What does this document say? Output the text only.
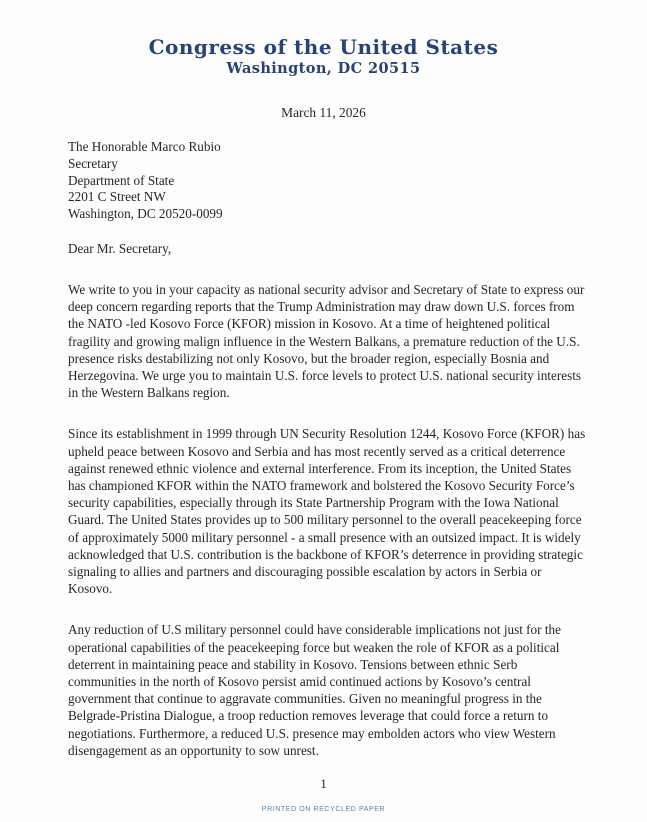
Congress of the United States
Washington, DC 20515
March 11, 2026
The Honorable Marco Rubio
Secretary
Department of State
2201 C Street NW
Washington, DC 20520-0099
Dear Mr. Secretary,

We write to you in your capacity as national security advisor and Secretary of State to express our deep concern regarding reports that the Trump Administration may draw down U.S. forces from the NATO -led Kosovo Force (KFOR) mission in Kosovo. At a time of heightened political fragility and growing malign influence in the Western Balkans, a premature reduction of the U.S. presence risks destabilizing not only Kosovo, but the broader region, especially Bosnia and Herzegovina. We urge you to maintain U.S. force levels to protect U.S. national security interests in the Western Balkans region.

Since its establishment in 1999 through UN Security Resolution 1244, Kosovo Force (KFOR) has upheld peace between Kosovo and Serbia and has most recently served as a critical deterrence against renewed ethnic violence and external interference. From its inception, the United States has championed KFOR within the NATO framework and bolstered the Kosovo Security Force’s security capabilities, especially through its State Partnership Program with the Iowa National Guard. The United States provides up to 500 military personnel to the overall peacekeeping force of approximately 5000 military personnel - a small presence with an outsized impact. It is widely acknowledged that U.S. contribution is the backbone of KFOR’s deterrence in providing strategic signaling to allies and partners and discouraging possible escalation by actors in Serbia or Kosovo.

Any reduction of U.S military personnel could have considerable implications not just for the operational capabilities of the peacekeeping force but weaken the role of KFOR as a political deterrent in maintaining peace and stability in Kosovo. Tensions between ethnic Serb communities in the north of Kosovo persist amid continued actions by Kosovo’s central government that continue to aggravate communities. Given no meaningful progress in the Belgrade-Pristina Dialogue, a troop reduction removes leverage that could force a return to negotiations. Furthermore, a reduced U.S. presence may embolden actors who view Western disengagement as an opportunity to sow unrest.

1
PRINTED ON RECYCLED PAPER
